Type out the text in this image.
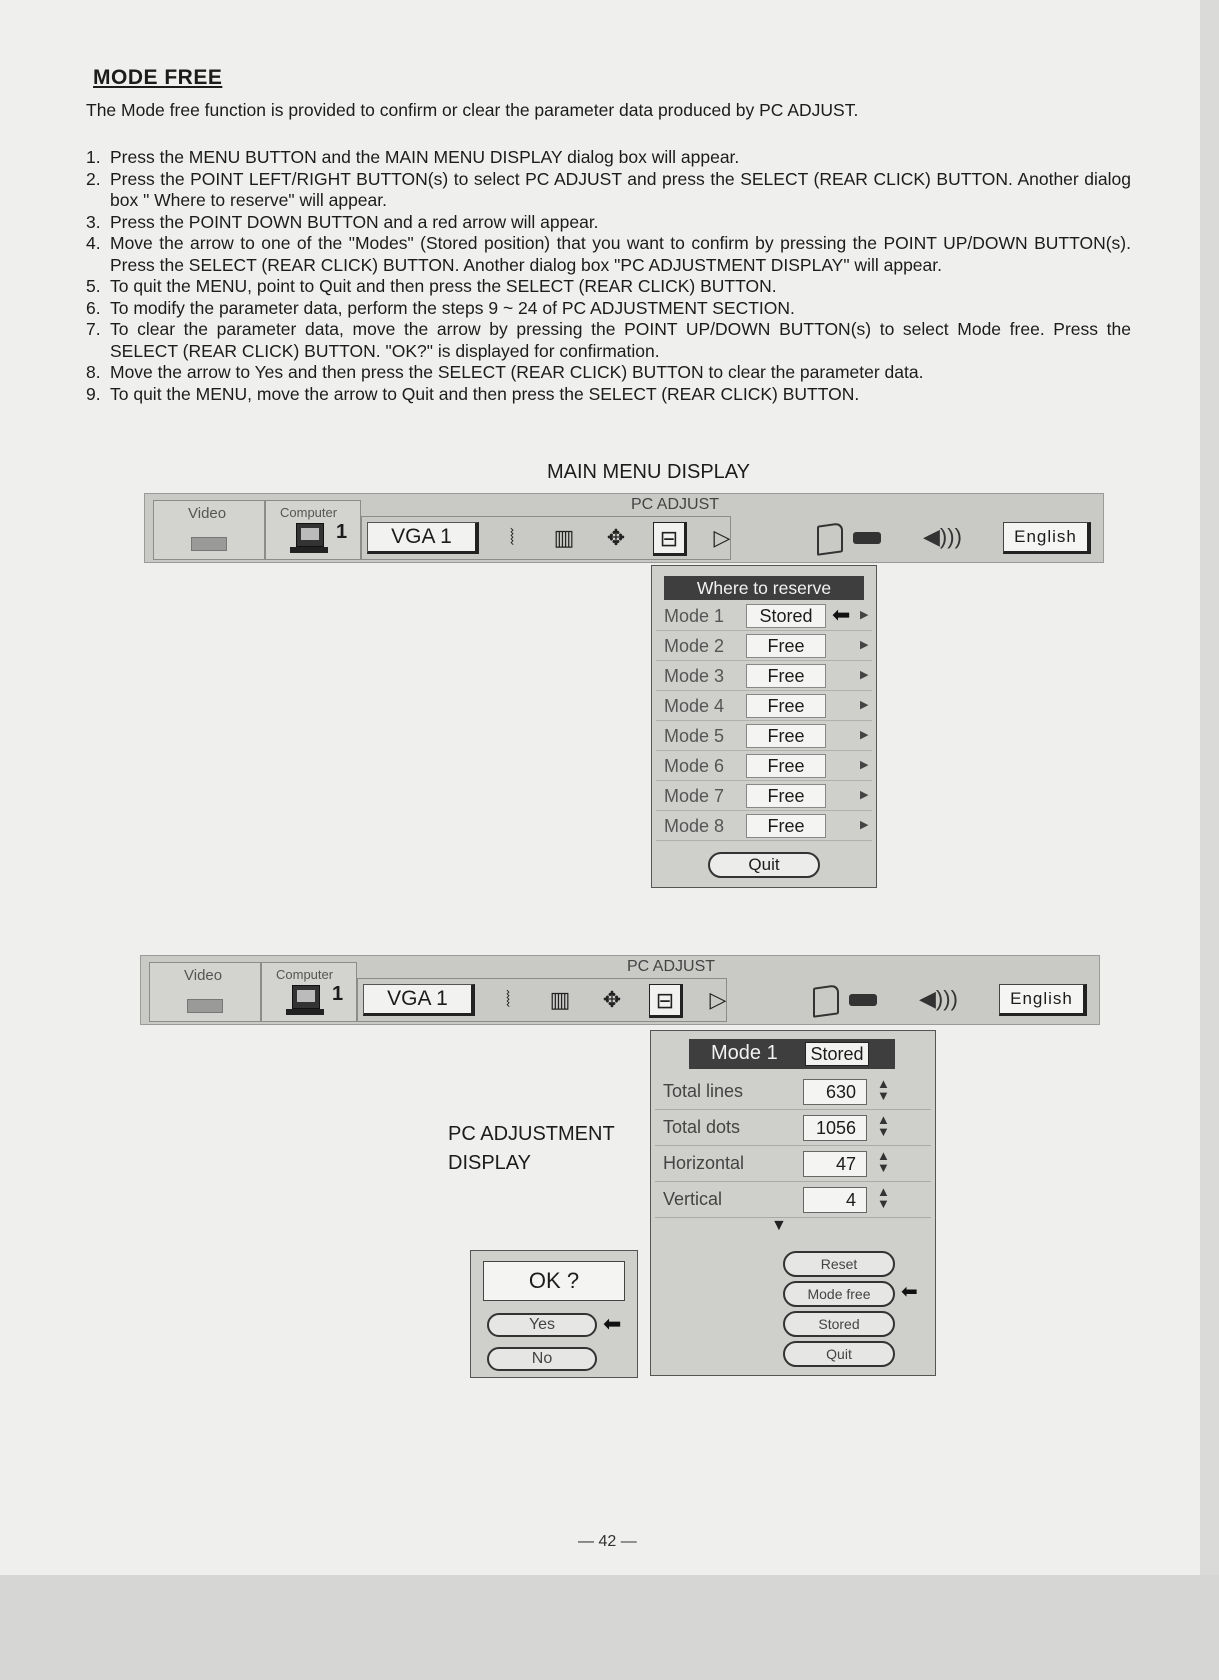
MODE FREE
The Mode free function is provided to confirm or clear the parameter data produced by PC ADJUST.
1. Press the MENU BUTTON and the MAIN MENU DISPLAY dialog box will appear.
2. Press the POINT LEFT/RIGHT BUTTON(s) to select PC ADJUST and press the SELECT (REAR CLICK) BUTTON. Another dialog box " Where to reserve" will appear.
3. Press the POINT DOWN BUTTON and a red arrow will appear.
4. Move the arrow to one of the "Modes" (Stored position) that you want to confirm by pressing the POINT UP/DOWN BUTTON(s). Press the SELECT (REAR CLICK) BUTTON. Another dialog box "PC ADJUSTMENT DISPLAY" will appear.
5. To quit the MENU, point to Quit and then press the SELECT (REAR CLICK) BUTTON.
6. To modify the parameter data, perform the steps 9 ~ 24 of PC ADJUSTMENT SECTION.
7. To clear the parameter data, move the arrow by pressing the POINT UP/DOWN BUTTON(s) to select Mode free. Press the SELECT (REAR CLICK) BUTTON. "OK?" is displayed for confirmation.
8. Move the arrow to Yes and then press the SELECT (REAR CLICK) BUTTON to clear the parameter data.
9. To quit the MENU, move the arrow to Quit and then press the SELECT (REAR CLICK) BUTTON.
MAIN MENU DISPLAY
Video	Computer
1
PC ADJUST
VGA 1	⦚	▥	✥	⊟	▷	◀)))	English
Where to reserve
Mode 1	Stored ⬅ ▶
Mode 2	Free	▶
Mode 3	Free	▶
Mode 4	Free	▶
Mode 5	Free	▶
Mode 6	Free	▶
Mode 7	Free	▶
Mode 8	Free	▶
Quit
Video	Computer
1
PC ADJUST
VGA 1	⦚	▥	✥	⊟	▷	◀)))	English
PC ADJUSTMENT
DISPLAY
Mode 1	Stored
Total lines	630	▲
▼
Total dots	1056	▲
▼
Horizontal	47	▲
▼
Vertical	4	▲
▼
▼
Reset
Mode free	⬅
Stored
Quit
OK ?
Yes	⬅
No
— 42 —
